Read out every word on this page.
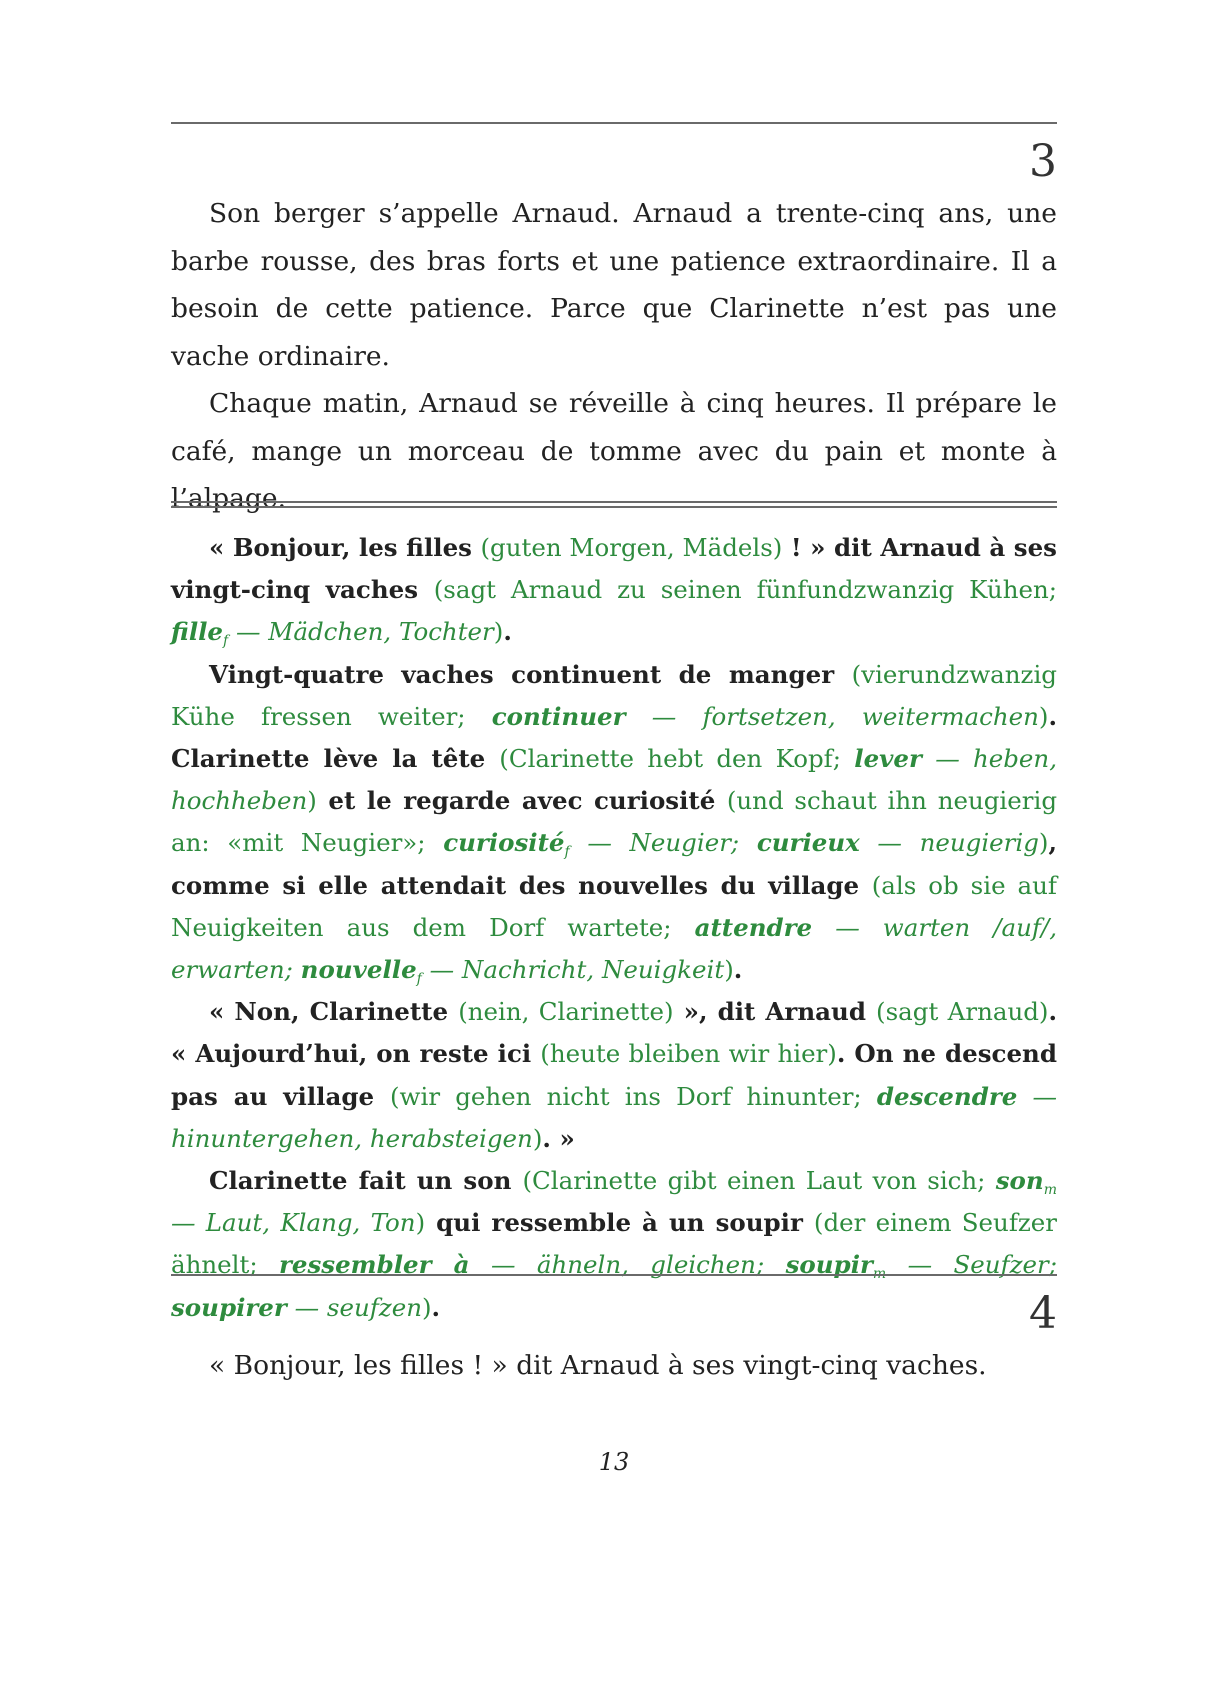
3

Son berger s’appelle Arnaud. Arnaud a trente-cinq ans, une barbe rousse, des bras forts et une patience extraordinaire. Il a besoin de cette patience. Parce que Clarinette n’est pas une vache ordinaire.

Chaque matin, Arnaud se réveille à cinq heures. Il prépare le café, mange un morceau de tomme avec du pain et monte à l’alpage.

« Bonjour, les filles (guten Morgen, Mädels) ! » dit Arnaud à ses vingt-cinq vaches (sagt Arnaud zu seinen fünfundzwanzig Kühen; fille$_f$ — Mädchen, Tochter).

Vingt-quatre vaches continuent de manger (vierundzwanzig Kühe fressen weiter; continuer — fortsetzen, weitermachen). Clarinette lève la tête (Clarinette hebt den Kopf; lever — heben, hochheben) et le regarde avec curiosité (und schaut ihn neugierig an: «mit Neugier»; curiosité$_f$ — Neugier; curieux — neugierig), comme si elle attendait des nouvelles du village (als ob sie auf Neuigkeiten aus dem Dorf wartete; attendre — warten /auf/, erwarten; nouvelle$_f$ — Nachricht, Neuigkeit).

« Non, Clarinette (nein, Clarinette) », dit Arnaud (sagt Arnaud). « Aujourd’hui, on reste ici (heute bleiben wir hier). On ne descend pas au village (wir gehen nicht ins Dorf hinunter; descendre — hinuntergehen, herabsteigen). »

Clarinette fait un son (Clarinette gibt einen Laut von sich; son$_m$ — Laut, Klang, Ton) qui ressemble à un soupir (der einem Seufzer ähnelt; ressembler à — ähneln, gleichen; soupir$_m$ — Seufzer; soupirer — seufzen).	4

« Bonjour, les filles ! » dit Arnaud à ses vingt-cinq vaches.

13
